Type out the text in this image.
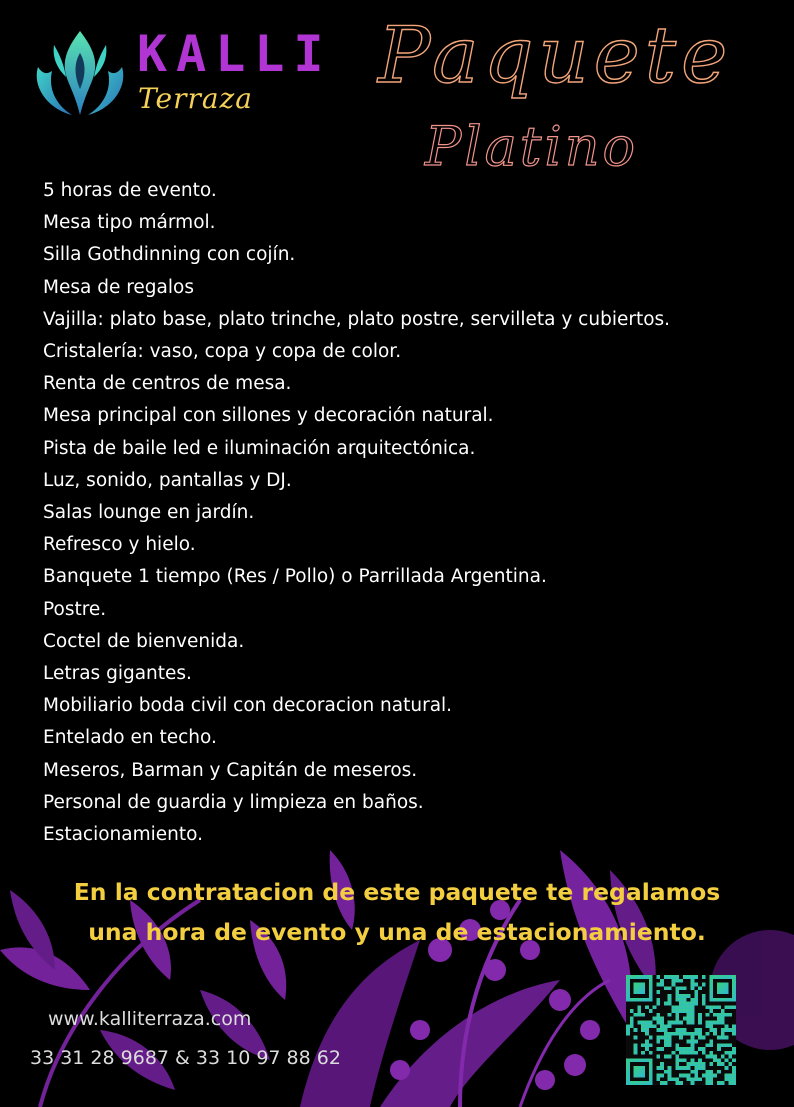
KALLI
Terraza Paquete
Platino
5 horas de evento.
Mesa tipo mármol.
Silla Gothdinning con cojín.
Mesa de regalos
Vajilla: plato base, plato trinche, plato postre, servilleta y cubiertos.
Cristalería: vaso, copa y copa de color.
Renta de centros de mesa.
Mesa principal con sillones y decoración natural.
Pista de baile led e iluminación arquitectónica.
Luz, sonido, pantallas y DJ.
Salas lounge en jardín.
Refresco y hielo.
Banquete 1 tiempo (Res / Pollo) o Parrillada Argentina.
Postre.
Coctel de bienvenida.
Letras gigantes.
Mobiliario boda civil con decoracion natural.
Entelado en techo.
Meseros, Barman y Capitán de meseros.
Personal de guardia y limpieza en baños.
Estacionamiento.
En la contratacion de este paquete te regalamos
una hora de evento y una de estacionamiento.
www.kalliterraza.com
33 31 28 9687 & 33 10 97 88 62
